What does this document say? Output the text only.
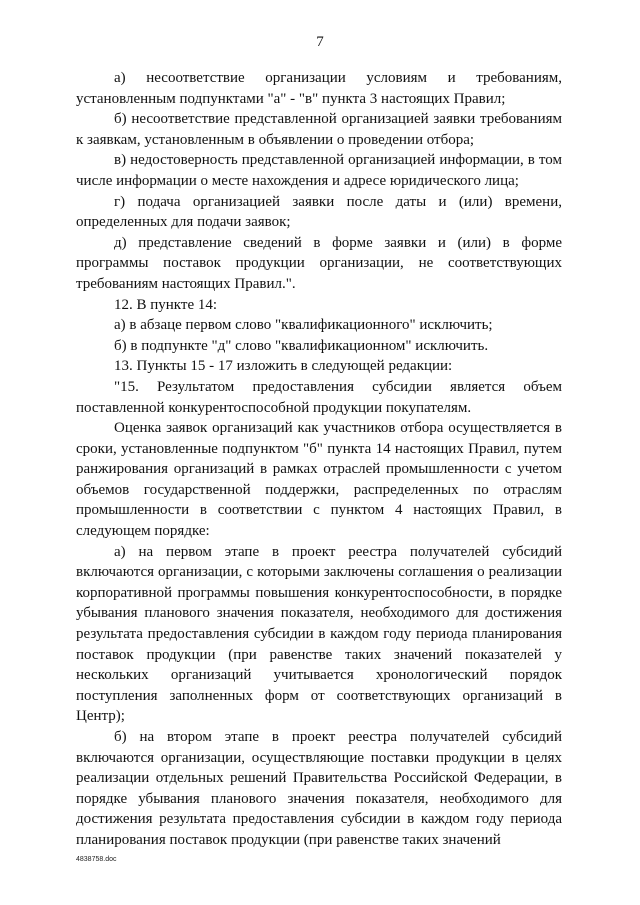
7

а) несоответствие организации условиям и требованиям, установленным подпунктами "а" - "в" пункта 3 настоящих Правил;

б) несоответствие представленной организацией заявки требованиям к заявкам, установленным в объявлении о проведении отбора;

в) недостоверность представленной организацией информации, в том числе информации о месте нахождения и адресе юридического лица;

г) подача организацией заявки после даты и (или) времени, определенных для подачи заявок;

д) представление сведений в форме заявки и (или) в форме программы поставок продукции организации, не соответствующих требованиям настоящих Правил.".

12. В пункте 14:

а) в абзаце первом слово "квалификационного" исключить;

б) в подпункте "д" слово "квалификационном" исключить.

13. Пункты 15 - 17 изложить в следующей редакции:

"15. Результатом предоставления субсидии является объем поставленной конкурентоспособной продукции покупателям.

Оценка заявок организаций как участников отбора осуществляется в сроки, установленные подпунктом "б" пункта 14 настоящих Правил, путем ранжирования организаций в рамках отраслей промышленности с учетом объемов государственной поддержки, распределенных по отраслям промышленности в соответствии с пунктом 4 настоящих Правил, в следующем порядке:

а) на первом этапе в проект реестра получателей субсидий включаются организации, с которыми заключены соглашения о реализации корпоративной программы повышения конкурентоспособности, в порядке убывания планового значения показателя, необходимого для достижения результата предоставления субсидии в каждом году периода планирования поставок продукции (при равенстве таких значений показателей у нескольких организаций учитывается хронологический порядок поступления заполненных форм от соответствующих организаций в Центр);

б) на втором этапе в проект реестра получателей субсидий включаются организации, осуществляющие поставки продукции в целях реализации отдельных решений Правительства Российской Федерации, в порядке убывания планового значения показателя, необходимого для достижения результата предоставления субсидии в каждом году периода планирования поставок продукции (при равенстве таких значений

4838758.doc
